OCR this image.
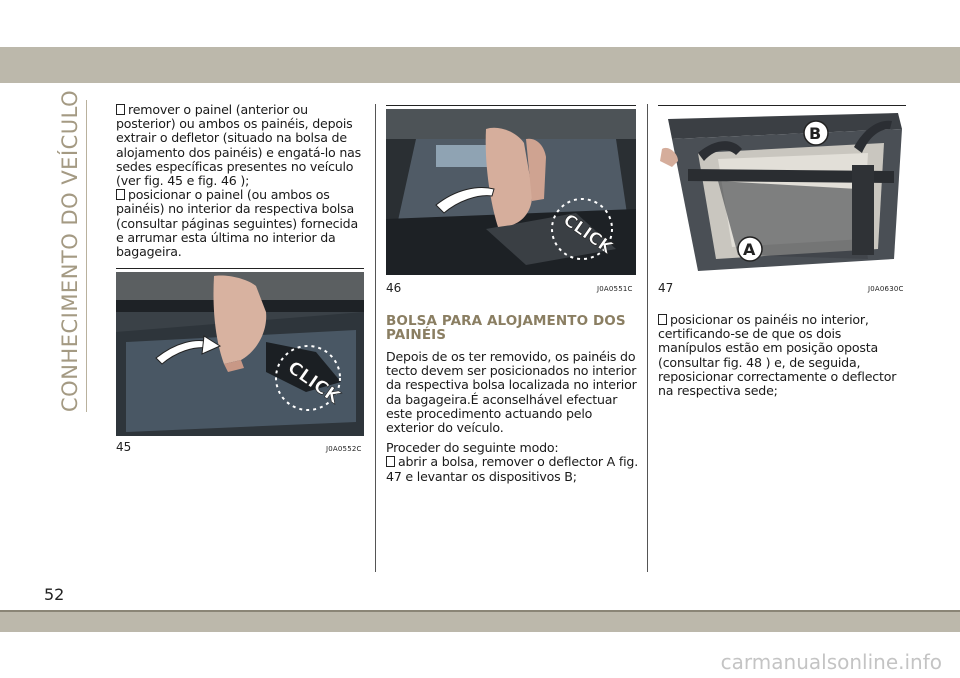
CONHECIMENTO DO VEÍCULO	remover o painel (anterior ou posterior) ou ambos os painéis, depois extrair o defletor (situado na bolsa de alojamento dos painéis) e engatá-lo nas sedes específicas presentes no veículo (ver fig. 45 e fig. 46 );

posicionar o painel (ou ambos os painéis) no interior da respectiva bolsa (consultar páginas seguintes) fornecida e arrumar esta última no interior da bagageira.

CLICK
45	J0A0552C
CLICK
46	J0A0551C
BOLSA PARA ALOJAMENTO DOS PAINÉIS

Depois de os ter removido, os painéis do tecto devem ser posicionados no interior da respectiva bolsa localizada no interior da bagageira.É aconselhável efectuar este procedimento actuando pelo exterior do veículo.

Proceder do seguinte modo:

abrir a bolsa, remover o deflector A fig. 47 e levantar os dispositivos B;

B
A
47	J0A0630C

posicionar os painéis no interior, certificando-se de que os dois manípulos estão em posição oposta (consultar fig. 48 ) e, de seguida, reposicionar correctamente o deflector na respectiva sede;

52
carmanualsonline.info
